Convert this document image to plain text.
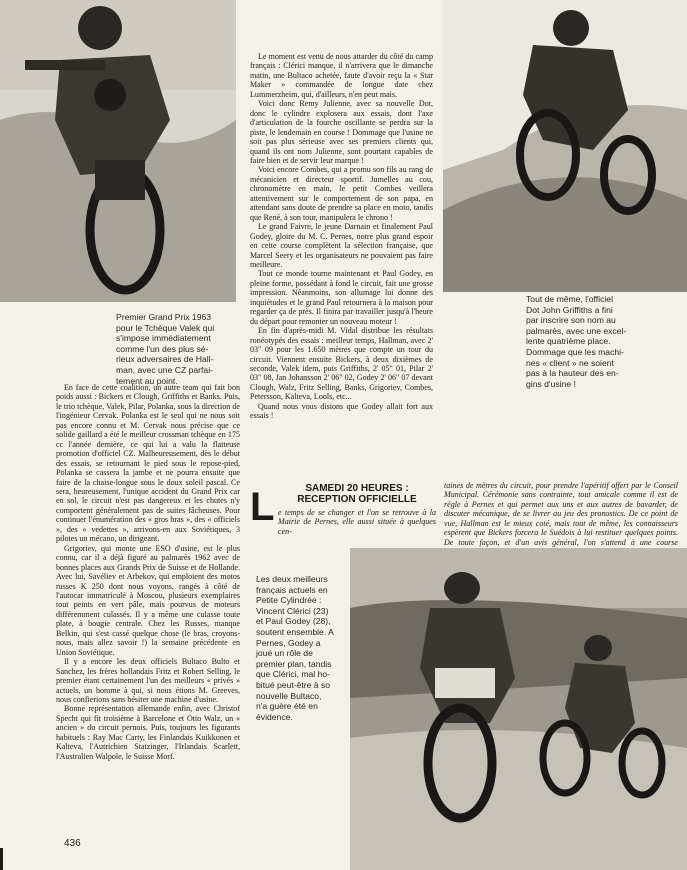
Premier Grand Prix 1963
pour le Tchèque Valek qui
s'impose immédiatement
comme l'un des plus sé-
rieux adversaires de Hall-
man, avec une CZ parfai-
tement au point.
Tout de même, l'officiel
Dot John Griffiths a fini
par inscrire son nom au
palmarès, avec une excel-
lente quatrième place.
Dommage que les machi-
nes « client » ne soient
pas à la hauteur des en-
gins d'usine !

En face de cette coalition, un autre team qui fait bon poids aussi : Bickers et Clough, Griffiths et Banks. Puis, le trio tchèque, Valek, Pilar, Polanka, sous la direction de l'ingénieur Cervak. Polanka est le seul qui ne nous soit pas encore connu et M. Cervak nous précise que ce solide gaillard a été le meilleur crossman tchèque en 175 cc l'année dernière, ce qui lui a valu la flatteuse promotion d'officiel CZ. Malheureusement, dès le début des essais, se retournant le pied sous le repose-pied, Polanka se cassera la jambe et ne pourra ensuite que faire de la chaise-longue sous le doux soleil pascal. Ce sera, heureusement, l'unique accident du Grand Prix car en sol, le circuit n'est pas dangereux et les chutes n'y comportent généralement pas de suites fâcheuses. Pour continuer l'énumération des « gros bras », des « officiels », des « vedettes », arrivons-en aux Soviétiques, 3 pilotes un mécano, un dirigeant.

Grigoriev, qui monte une ESO d'usine, est le plus connu, car il a déjà figuré au palmarès 1962 avec de bonnes places aux Grands Prix de Suisse et de Hollande. Avec lui, Savéliev et Arbekov, qui emploient des motos russes K 250 dont nous voyons, rangés à côté de l'autocar immatriculé à Moscou, plusieurs exemplaires tout peints en vert pâle, mais pourvus de moteurs différemment culassés. Il y a même une culasse toute plate, à bougie centrale. Chez les Russes, manque Belkin, qui s'est cassé quelque chose (le bras, croyons-nous, mais allez savoir !) la semaine précédente en Union Soviétique.

Il y a encore les deux officiels Bultaco Bulto et Sanchez, les frères hollandais Fritz et Robert Selling, le premier étant certainement l'un des meilleurs « privés » actuels, un homme à qui, si nous étions M. Greeves, nous confierions sans hésiter une machine d'usine.

Bonne représentation allemande enfin, avec Christof Specht qui fit troisième à Barcelone et Otto Walz, un « ancien » du circuit pernois. Puis, toujours les figurants habituels : Ray Mac Carty, les Finlandais Kuikkonen et Kalteva, l'Autrichien Statzinger, l'Irlandais Scarlett, l'Australien Walpole, le Suisse Morf.

Le moment est venu de nous attarder du côté du camp français : Clérici manque, il n'arrivera que le dimanche matin, une Bultaco achetée, faute d'avoir reçu la « Star Maker » commandée de longue date chez Lummerzheim, qui, d'ailleurs, n'en peut mais.

Voici donc Remy Julienne, avec sa nouvelle Dot, donc le cylindre explosera aux essais, dont l'axe d'articulation de la fourche oscillante se perdra sur la piste, le lendemain en course ! Dommage que l'usine ne soit pas plus sérieuse avec ses premiers clients qui, quand ils ont nom Julienne, sont pourtant capables de faire bien et de servir leur marque !

Voici encore Combes, qui a promu son fils au rang de mécanicien et directeur sportif. Jumelles au cou, chronomètre en main, le petit Combes veillera attentivement sur le comportement de son papa, en attendant sans doute de prendre sa place en moto, tandis que René, à son tour, manipulera le chrono !

Le grand Faivre, le jeune Darnain et finalement Paul Godey, gloire du M. C. Pernes, notre plus grand espoir en cette course complètent la sélection française, que Marcel Seery et les organisateurs ne pouvaient pas faire meilleure.

Tout ce monde tourne maintenant et Paul Godey, en pleine forme, possédant à fond le circuit, fait une grosse impression. Néanmoins, son allumage lui donne des inquiétudes et le grand Paul retournera à la maison pour regarder ça de près. Il finira par travailler jusqu'à l'heure du départ pour remonter un nouveau moteur !

En fin d'après-midi M. Vidal distribue les résultats ronéotypés des essais : meilleur temps, Hallman, avec 2' 03" 09 pour les 1.650 mètres que compte un tour du circuit. Viennent ensuite Bickers, à deux dixièmes de seconde, Valek idem, puis Griffiths, 2' 05" 01, Pilar 2' 03" 08, Jan Johansson 2' 06" 02, Godey 2' 06" 07 devant Clough, Walz, Fritz Selling, Banks, Grigoriev, Combes, Petersson, Kalteva, Lools, etc...

Quand nous vous disions que Godey allait fort aux essais !

L	SAMEDI 20 HEURES :
RECEPTION OFFICIELLE
e temps de se changer et l'on se retrouve à la Mairie de Pernes, elle aussi située à quelques cen-

taines de mètres du circuit, pour prendre l'apéritif offert par le Conseil Municipal. Cérémonie sans contrainte, tout amicale comme il est de règle à Pernes et qui permet aux uns et aux autres de bavarder, de discuter mécanique, de se livrer au jeu des pronostics. De ce point de vue, Hallman est le mieux coté, mais tout de même, les connaisseurs espèrent que Bickers forcera le Suédois à lui restituer quelques points. De toute façon, et d'un avis général, l'on s'attend à une course

Les deux meilleurs
français actuels en
Petite Cylindrée :
Vincent Clérici (23)
et Paul Godey (28),
soutent ensemble. A
Pernes, Godey a
joué un rôle de
premier plan, tandis
que Clérici, mal ho-
bitué peut-être à so
nouvelle Bultaco,
n'a guère été en
évidence.
436
